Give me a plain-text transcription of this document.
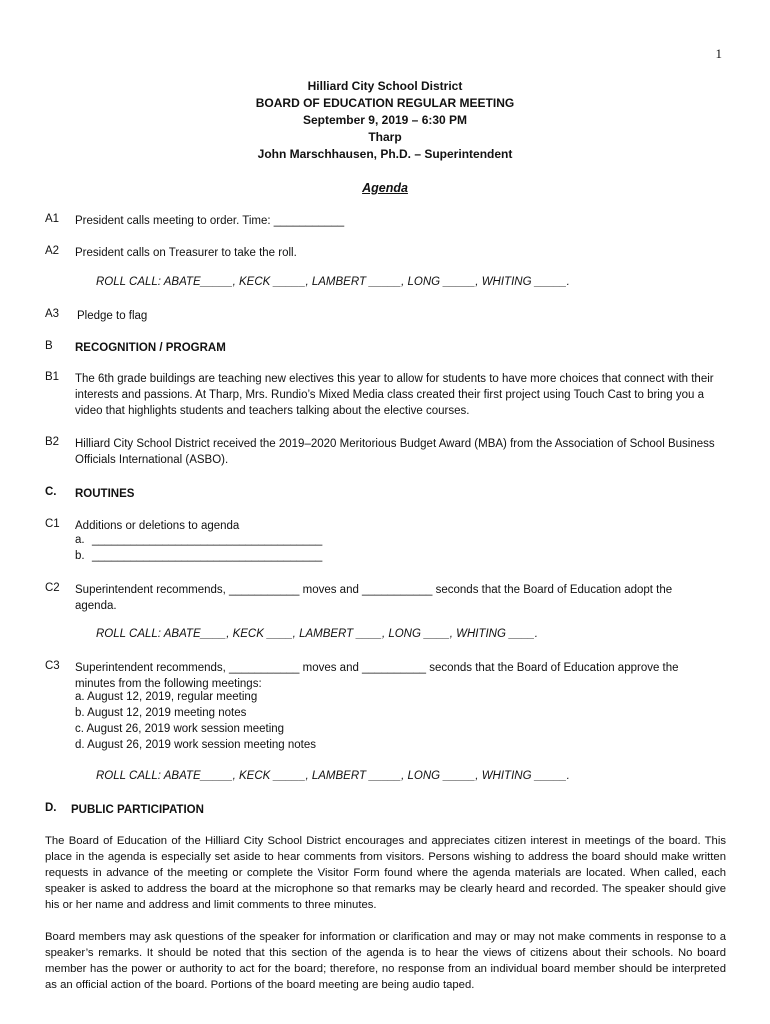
1
Hilliard City School District
BOARD OF EDUCATION REGULAR MEETING
September 9, 2019 – 6:30 PM
Tharp
John Marschhausen, Ph.D. – Superintendent
Agenda
A1 President calls meeting to order. Time: ___________
A2 President calls on Treasurer to take the roll.
ROLL CALL: ABATE_____, KECK _____, LAMBERT _____, LONG _____, WHITING _____.
A3 Pledge to flag
B RECOGNITION / PROGRAM
B1 The 6th grade buildings are teaching new electives this year to allow for students to have more choices that connect with their interests and passions. At Tharp, Mrs. Rundio’s Mixed Media class created their first project using Touch Cast to bring you a video that highlights students and teachers talking about the elective courses.
B2 Hilliard City School District received the 2019–2020 Meritorious Budget Award (MBA) from the Association of School Business Officials International (ASBO).
C. ROUTINES
C1 Additions or deletions to agenda
a. ____________________________________
b. ____________________________________
C2 Superintendent recommends, ___________ moves and ___________ seconds that the Board of Education adopt the agenda.
ROLL CALL: ABATE____, KECK ____, LAMBERT ____, LONG ____, WHITING ____.
C3 Superintendent recommends, ___________ moves and __________ seconds that the Board of Education approve the minutes from the following meetings:
a. August 12, 2019, regular meeting
b. August 12, 2019 meeting notes
c. August 26, 2019 work session meeting
d. August 26, 2019 work session meeting notes
ROLL CALL: ABATE_____, KECK _____, LAMBERT _____, LONG _____, WHITING _____.
D. PUBLIC PARTICIPATION
The Board of Education of the Hilliard City School District encourages and appreciates citizen interest in meetings of the board. This place in the agenda is especially set aside to hear comments from visitors. Persons wishing to address the board should make written requests in advance of the meeting or complete the Visitor Form found where the agenda materials are located. When called, each speaker is asked to address the board at the microphone so that remarks may be clearly heard and recorded. The speaker should give his or her name and address and limit comments to three minutes.
Board members may ask questions of the speaker for information or clarification and may or may not make comments in response to a speaker’s remarks. It should be noted that this section of the agenda is to hear the views of citizens about their schools. No board member has the power or authority to act for the board; therefore, no response from an individual board member should be interpreted as an official action of the board. Portions of the board meeting are being audio taped.
